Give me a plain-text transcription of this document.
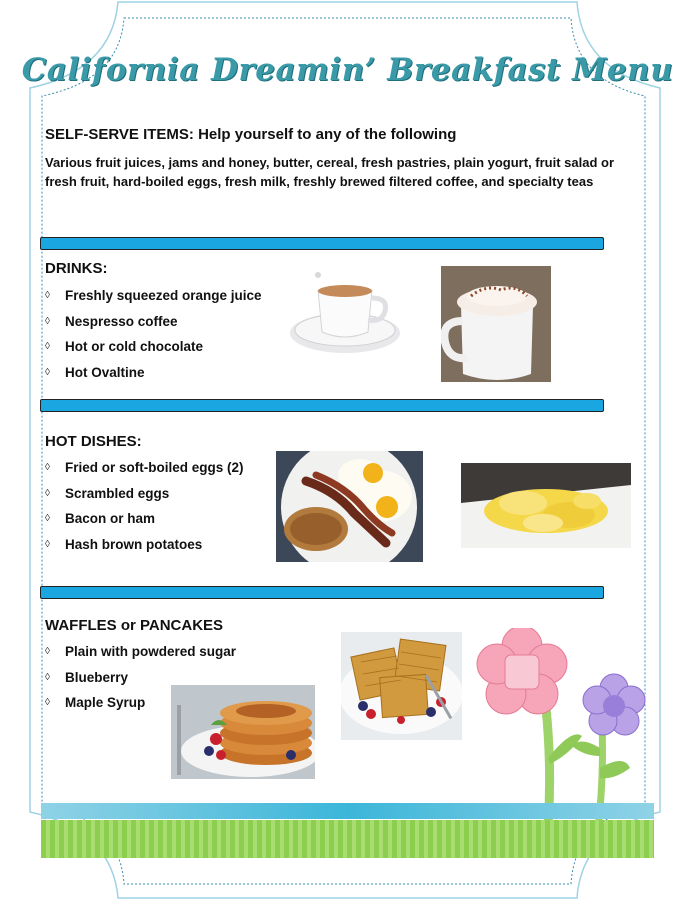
California Dreamin’ Breakfast Menu
SELF-SERVE ITEMS: Help yourself to any of the following
Various fruit juices, jams and honey, butter, cereal, fresh pastries, plain yogurt, fruit salad or fresh fruit, hard-boiled eggs, fresh milk, freshly brewed filtered coffee, and specialty teas
DRINKS:
◊ Freshly squeezed orange juice
◊ Nespresso coffee
◊ Hot or cold chocolate
◊ Hot Ovaltine
HOT DISHES:
◊ Fried or soft-boiled eggs (2)
◊ Scrambled eggs
◊ Bacon or ham
◊ Hash brown potatoes
WAFFLES or PANCAKES
◊ Plain with powdered sugar
◊ Blueberry
◊ Maple Syrup
